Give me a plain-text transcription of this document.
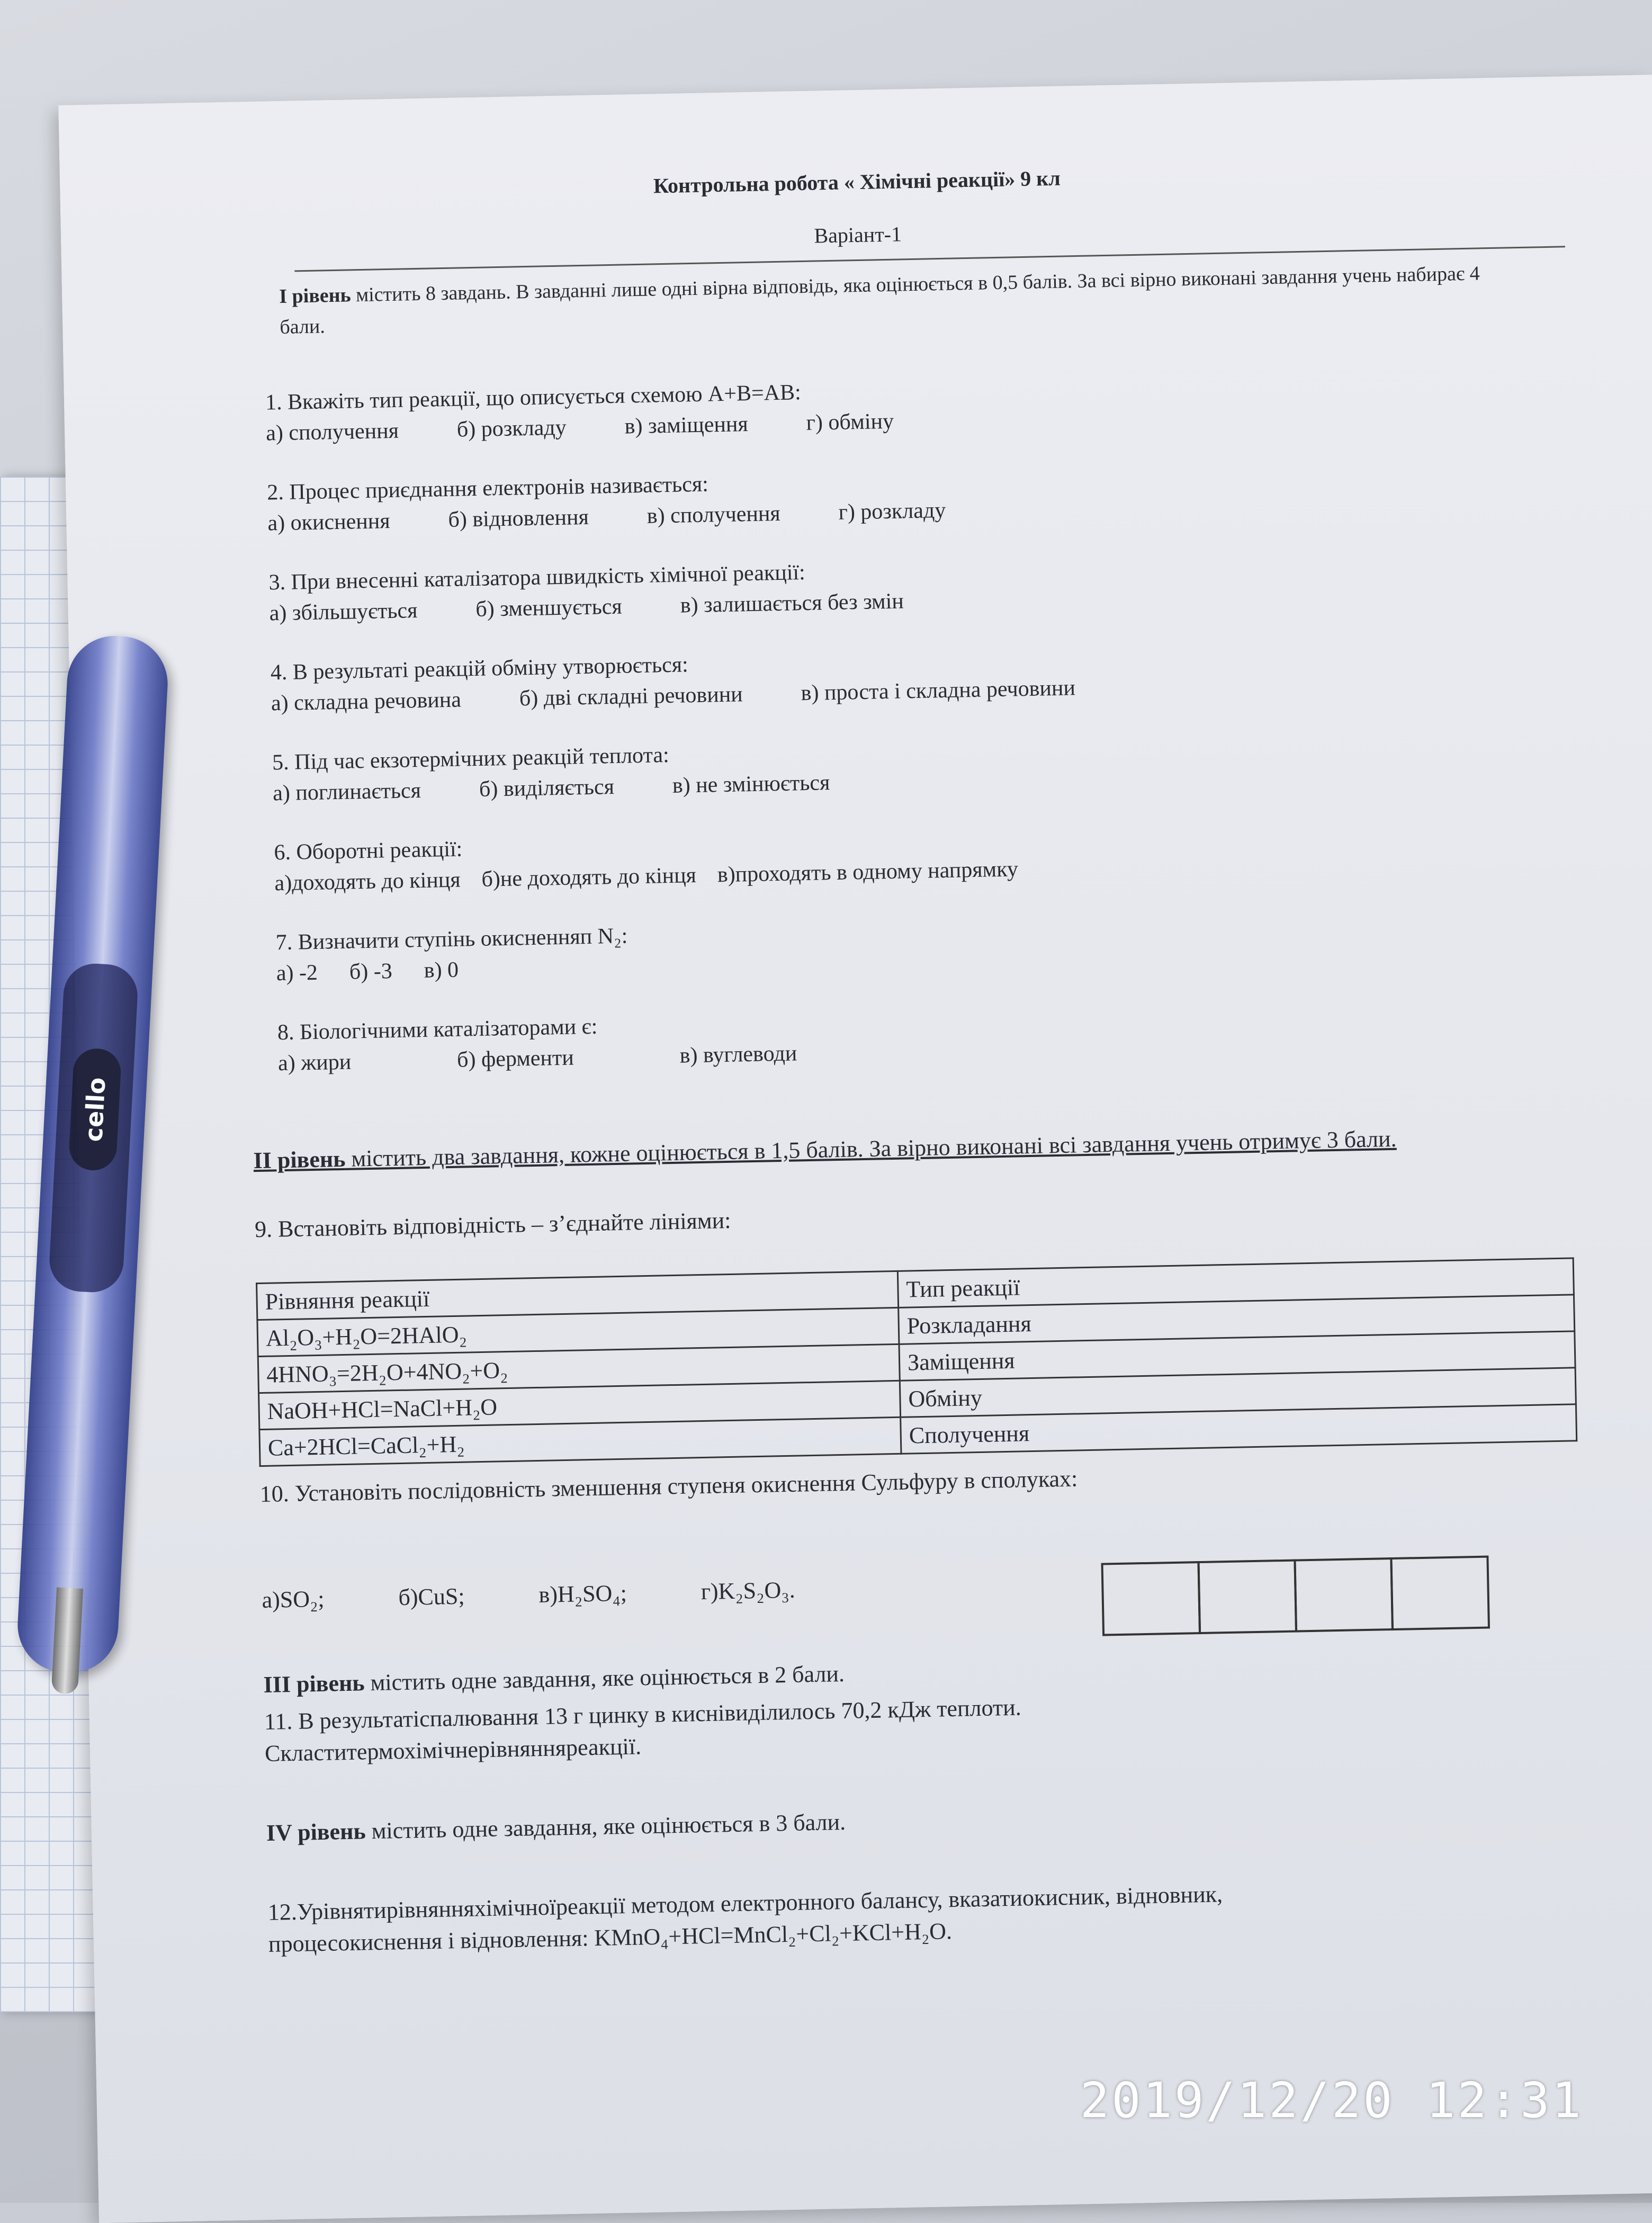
Контрольна робота « Хімічні реакції» 9 кл
Варіант-1
І рівень містить 8 завдань. В завданні лише одні вірна відповідь, яка оцінюється в 0,5 балів. За всі вірно виконані завдання учень набирає 4 бали.
1. Вкажіть тип реакції, що описується схемою A+B=AB:
а) сполучення	б) розкладу	в) заміщення	г) обміну
2. Процес приєднання електронів називається:
а) окиснення	б) відновлення	в) сполучення	г) розкладу
3. При внесенні каталізатора швидкість хімічної реакції:
а) збільшується	б) зменшується	в) залишається без змін
4. В результаті реакцій обміну утворюється:
а) складна речовина	б) дві складні речовини	в) проста і складна речовини
5. Під час екзотермічних реакцій теплота:
а) поглинається	б) виділяється	в) не змінюється
6. Оборотні реакції:
а)доходять до кінця б)не доходять до кінця в)проходять в одному напрямку
7. Визначити ступінь окисненняп N₂:
а) -2 б) -3 в) 0
8. Біологічними каталізаторами є:
а) жири	б) ферменти	в) вуглеводи
ІІ рівень містить два завдання, кожне оцінюється в 1,5 балів. За вірно виконані всі завдання учень отримує 3 бали.
9. Встановіть відповідність – з’єднайте лініями:
Рівняння реакції	Тип реакції
Al₂O₃+H₂O=2HAlO₂	Розкладання
4HNO₃=2H₂O+4NO₂+O₂	Заміщення
NaOH+HCl=NaCl+H₂O	Обміну
Ca+2HCl=CaCl₂+H₂	Сполучення
10. Установіть послідовність зменшення ступеня окиснення Сульфуру в сполуках:
а)SO₂;	б)CuS;	в)H₂SO₄;	г)K₂S₂O₃.
ІІІ рівень містить одне завдання, яке оцінюється в 2 бали.
11. В результатіспалювання 13 г цинку в киснівиділилось 70,2 кДж теплоти.
Скластитермохімічнерівнянняреакції.
IV рівень містить одне завдання, яке оцінюється в 3 бали.
12.Урівнятирівнянняхімічноїреакції методом електронного балансу, вказатиокисник, відновник,
процесокиснення і відновлення: KMnO₄+HCl=MnCl₂+Cl₂+KCl+H₂O.
cello
2019/12/20 12:31
